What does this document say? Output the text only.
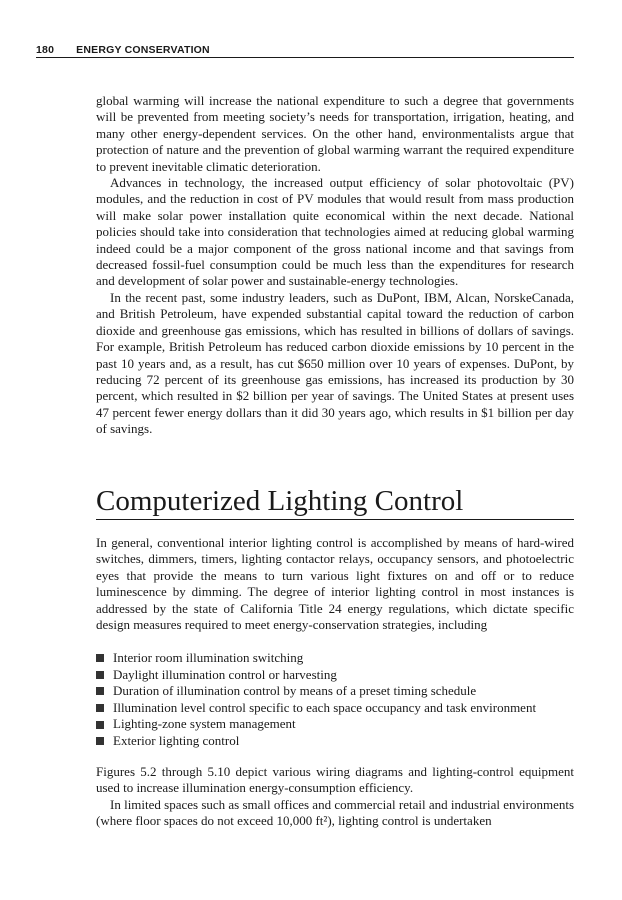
180 ENERGY CONSERVATION

global warming will increase the national expenditure to such a degree that governments will be prevented from meeting society’s needs for transportation, irrigation, heating, and many other energy-dependent services. On the other hand, environmentalists argue that protection of nature and the prevention of global warming warrant the required expenditure to prevent inevitable climatic deterioration.

Advances in technology, the increased output efficiency of solar photovoltaic (PV) modules, and the reduction in cost of PV modules that would result from mass production will make solar power installation quite economical within the next decade. National policies should take into consideration that technologies aimed at reducing global warming indeed could be a major component of the gross national income and that savings from decreased fossil-fuel consumption could be much less than the expenditures for research and development of solar power and sustainable-energy technologies.

In the recent past, some industry leaders, such as DuPont, IBM, Alcan, NorskeCanada, and British Petroleum, have expended substantial capital toward the reduction of carbon dioxide and greenhouse gas emissions, which has resulted in billions of dollars of savings. For example, British Petroleum has reduced carbon dioxide emissions by 10 percent in the past 10 years and, as a result, has cut $650 million over 10 years of expenses. DuPont, by reducing 72 percent of its greenhouse gas emissions, has increased its production by 30 percent, which resulted in $2 billion per year of savings. The United States at present uses 47 percent fewer energy dollars than it did 30 years ago, which results in $1 billion per day of savings.

Computerized Lighting Control

In general, conventional interior lighting control is accomplished by means of hard-wired switches, dimmers, timers, lighting contactor relays, occupancy sensors, and photoelectric eyes that provide the means to turn various light fixtures on and off or to reduce luminescence by dimming. The degree of interior lighting control in most instances is addressed by the state of California Title 24 energy regulations, which dictate specific design measures required to meet energy-conservation strategies, including

Interior room illumination switching
Daylight illumination control or harvesting
Duration of illumination control by means of a preset timing schedule
Illumination level control specific to each space occupancy and task environment
Lighting-zone system management
Exterior lighting control

Figures 5.2 through 5.10 depict various wiring diagrams and lighting-control equipment used to increase illumination energy-consumption efficiency.

In limited spaces such as small offices and commercial retail and industrial environments (where floor spaces do not exceed 10,000 ft²), lighting control is undertaken
